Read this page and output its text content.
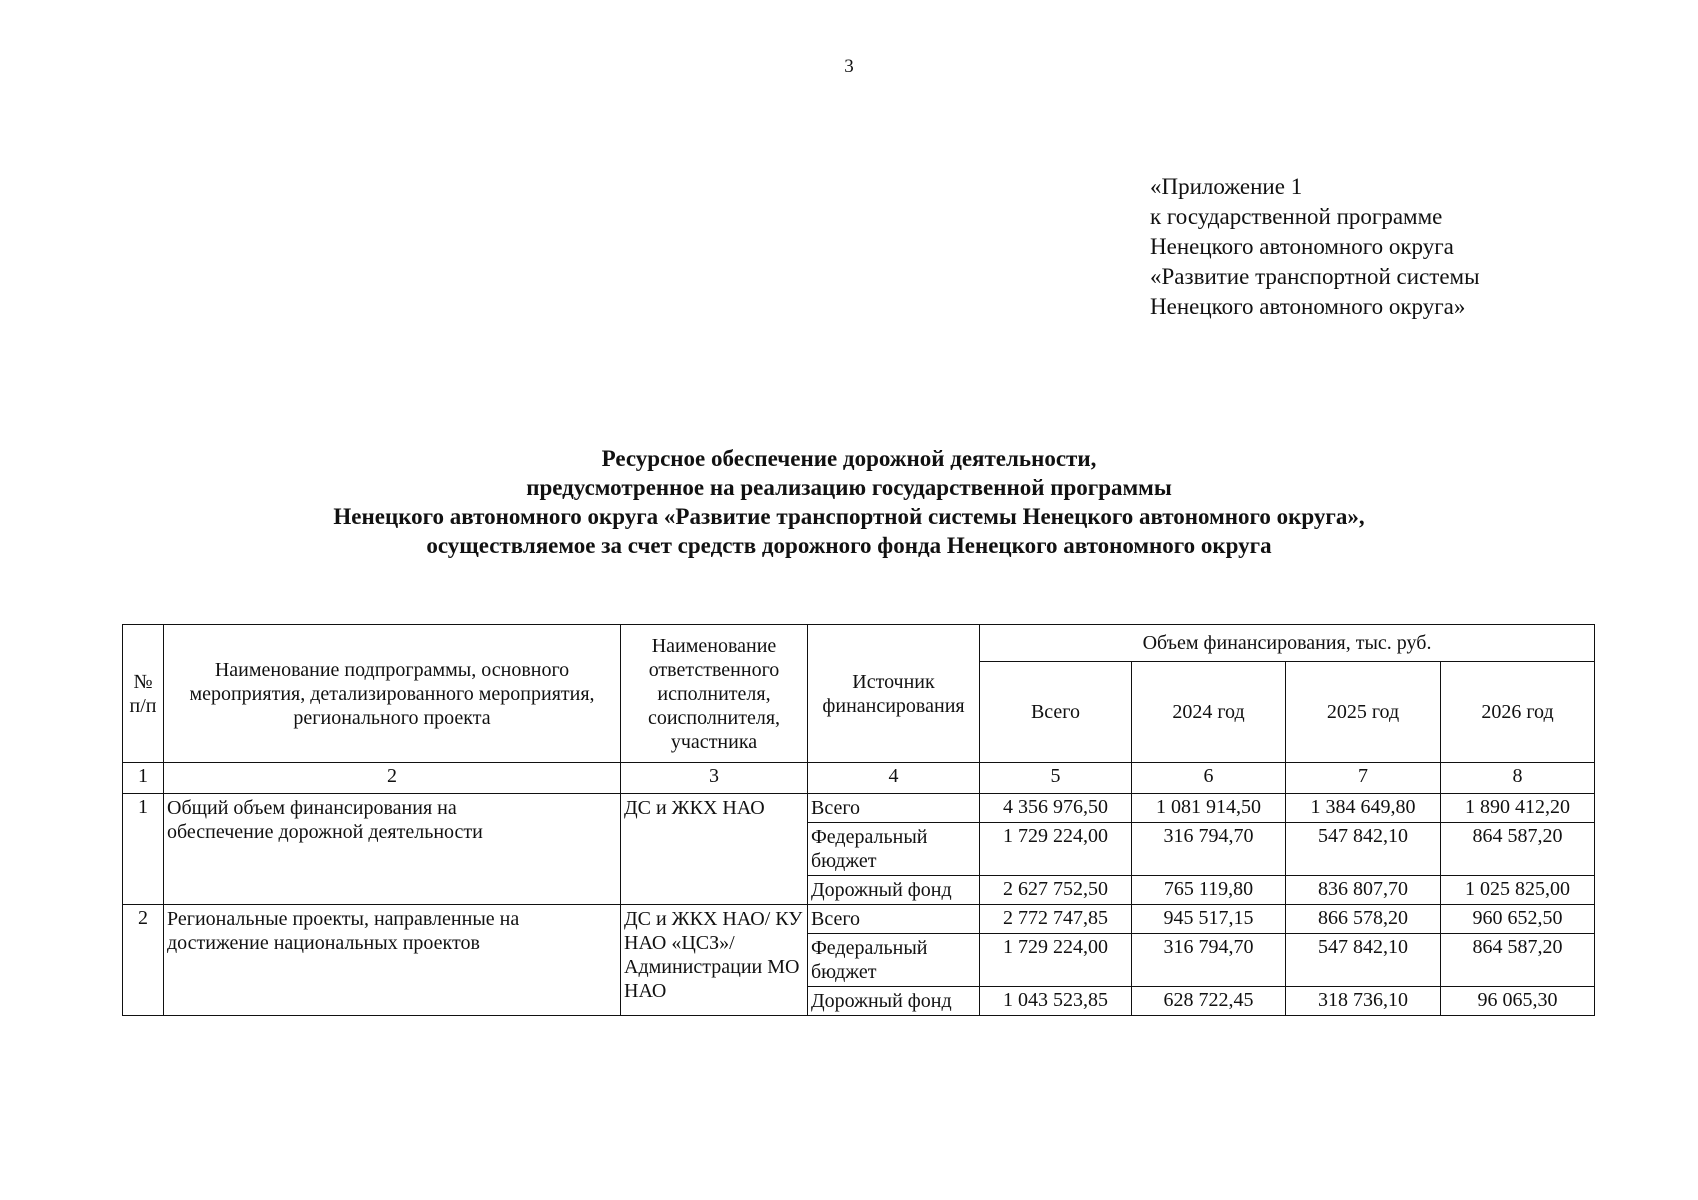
3
«Приложение 1
к государственной программе
Ненецкого автономного округа
«Развитие транспортной системы
Ненецкого автономного округа»
Ресурсное обеспечение дорожной деятельности,
предусмотренное на реализацию государственной программы
Ненецкого автономного округа «Развитие транспортной системы Ненецкого автономного округа»,
осуществляемое за счет средств дорожного фонда Ненецкого автономного округа
№ п/п	Наименование подпрограммы, основного мероприятия, детализированного мероприятия, регионального проекта	Наименование ответственного исполнителя, соисполнителя, участника	Источник финансирования	Объем финансирования, тыс. руб.			
				Всего	2024 год	2025 год	2026 год
1	2	3	4	5	6	7	8
1	Общий объем финансирования на обеспечение дорожной деятельности	ДС и ЖКХ НАО	Всего	4 356 976,50	1 081 914,50	1 384 649,80	1 890 412,20
			Федеральный бюджет	1 729 224,00	316 794,70	547 842,10	864 587,20
			Дорожный фонд	2 627 752,50	765 119,80	836 807,70	1 025 825,00
2	Региональные проекты, направленные на достижение национальных проектов	ДС и ЖКХ НАО/ КУ НАО «ЦСЗ»/ Администрации МО НАО	Всего	2 772 747,85	945 517,15	866 578,20	960 652,50
			Федеральный бюджет	1 729 224,00	316 794,70	547 842,10	864 587,20
			Дорожный фонд	1 043 523,85	628 722,45	318 736,10	96 065,30
